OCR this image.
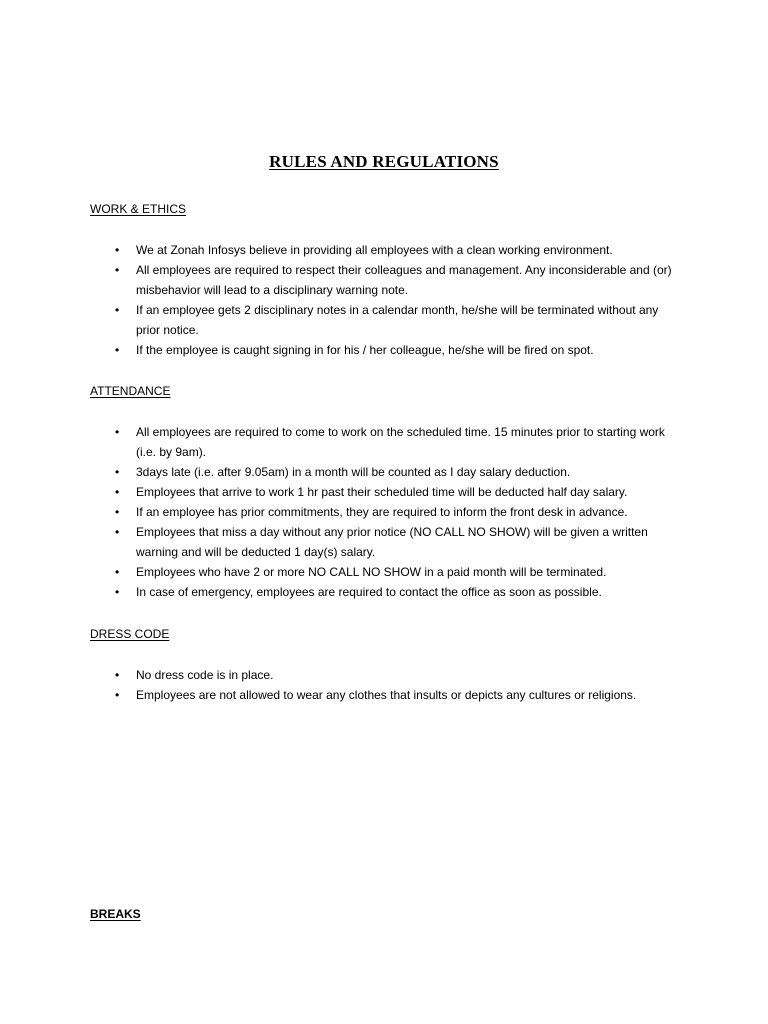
RULES AND REGULATIONS
WORK & ETHICS
• We at Zonah Infosys believe in providing all employees with a clean working environment.
• All employees are required to respect their colleagues and management. Any inconsiderable and (or) misbehavior will lead to a disciplinary warning note.
• If an employee gets 2 disciplinary notes in a calendar month, he/she will be terminated without any prior notice.
• If the employee is caught signing in for his / her colleague, he/she will be fired on spot.
ATTENDANCE
• All employees are required to come to work on the scheduled time. 15 minutes prior to starting work (i.e. by 9am).
• 3days late (i.e. after 9.05am) in a month will be counted as I day salary deduction.
• Employees that arrive to work 1 hr past their scheduled time will be deducted half day salary.
• If an employee has prior commitments, they are required to inform the front desk in advance.
• Employees that miss a day without any prior notice (NO CALL NO SHOW) will be given a written warning and will be deducted 1 day(s) salary.
• Employees who have 2 or more NO CALL NO SHOW in a paid month will be terminated.
• In case of emergency, employees are required to contact the office as soon as possible.
DRESS CODE
• No dress code is in place.
• Employees are not allowed to wear any clothes that insults or depicts any cultures or religions.
BREAKS
